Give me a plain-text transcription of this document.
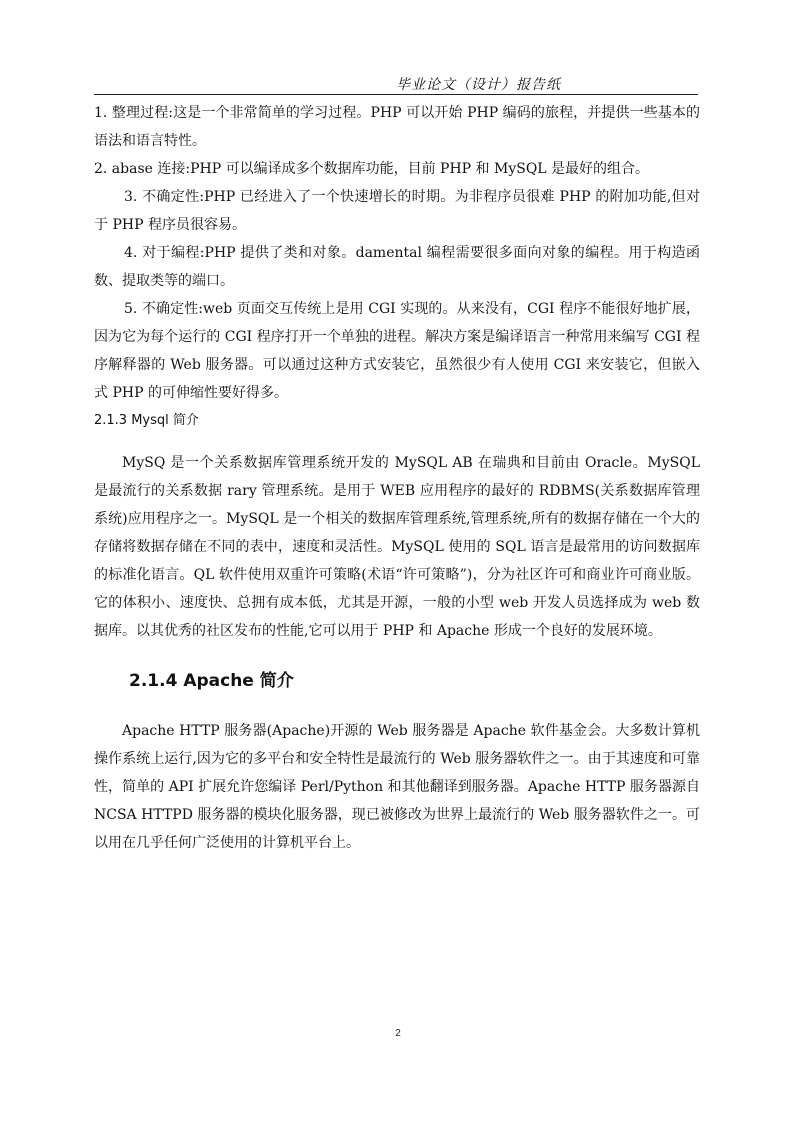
毕业论文（设计）报告纸

1. 整理过程:这是一个非常简单的学习过程。PHP 可以开始 PHP 编码的旅程，并提供一些基本的语法和语言特性。

2. abase 连接:PHP 可以编译成多个数据库功能，目前 PHP 和 MySQL 是最好的组合。

3. 不确定性:PHP 已经进入了一个快速增长的时期。为非程序员很难 PHP 的附加功能,但对于 PHP 程序员很容易。

4. 对于编程:PHP 提供了类和对象。damental 编程需要很多面向对象的编程。用于构造函数、提取类等的端口。

5. 不确定性:web 页面交互传统上是用 CGI 实现的。从来没有，CGI 程序不能很好地扩展，因为它为每个运行的 CGI 程序打开一个单独的进程。解决方案是编译语言一种常用来编写 CGI 程序解释器的 Web 服务器。可以通过这种方式安装它，虽然很少有人使用 CGI 来安装它，但嵌入式 PHP 的可伸缩性要好得多。

2.1.3 Mysql 简介

MySQ 是一个关系数据库管理系统开发的 MySQL AB 在瑞典和目前由 Oracle。MySQL 是最流行的关系数据 rary 管理系统。是用于 WEB 应用程序的最好的 RDBMS(关系数据库管理系统)应用程序之一。MySQL 是一个相关的数据库管理系统,管理系统,所有的数据存储在一个大的存储将数据存储在不同的表中，速度和灵活性。MySQL 使用的 SQL 语言是最常用的访问数据库的标准化语言。QL 软件使用双重许可策略(术语“许可策略”)，分为社区许可和商业许可商业版。它的体积小、速度快、总拥有成本低，尤其是开源，一般的小型 web 开发人员选择成为 web 数据库。以其优秀的社区发布的性能,它可以用于 PHP 和 Apache 形成一个良好的发展环境。

2.1.4 Apache 简介

Apache HTTP 服务器(Apache)开源的 Web 服务器是 Apache 软件基金会。大多数计算机操作系统上运行,因为它的多平台和安全特性是最流行的 Web 服务器软件之一。由于其速度和可靠性，简单的 API 扩展允许您编译 Perl/Python 和其他翻译到服务器。Apache HTTP 服务器源自 NCSA HTTPD 服务器的模块化服务器，现已被修改为世界上最流行的 Web 服务器软件之一。可以用在几乎任何广泛使用的计算机平台上。

2
